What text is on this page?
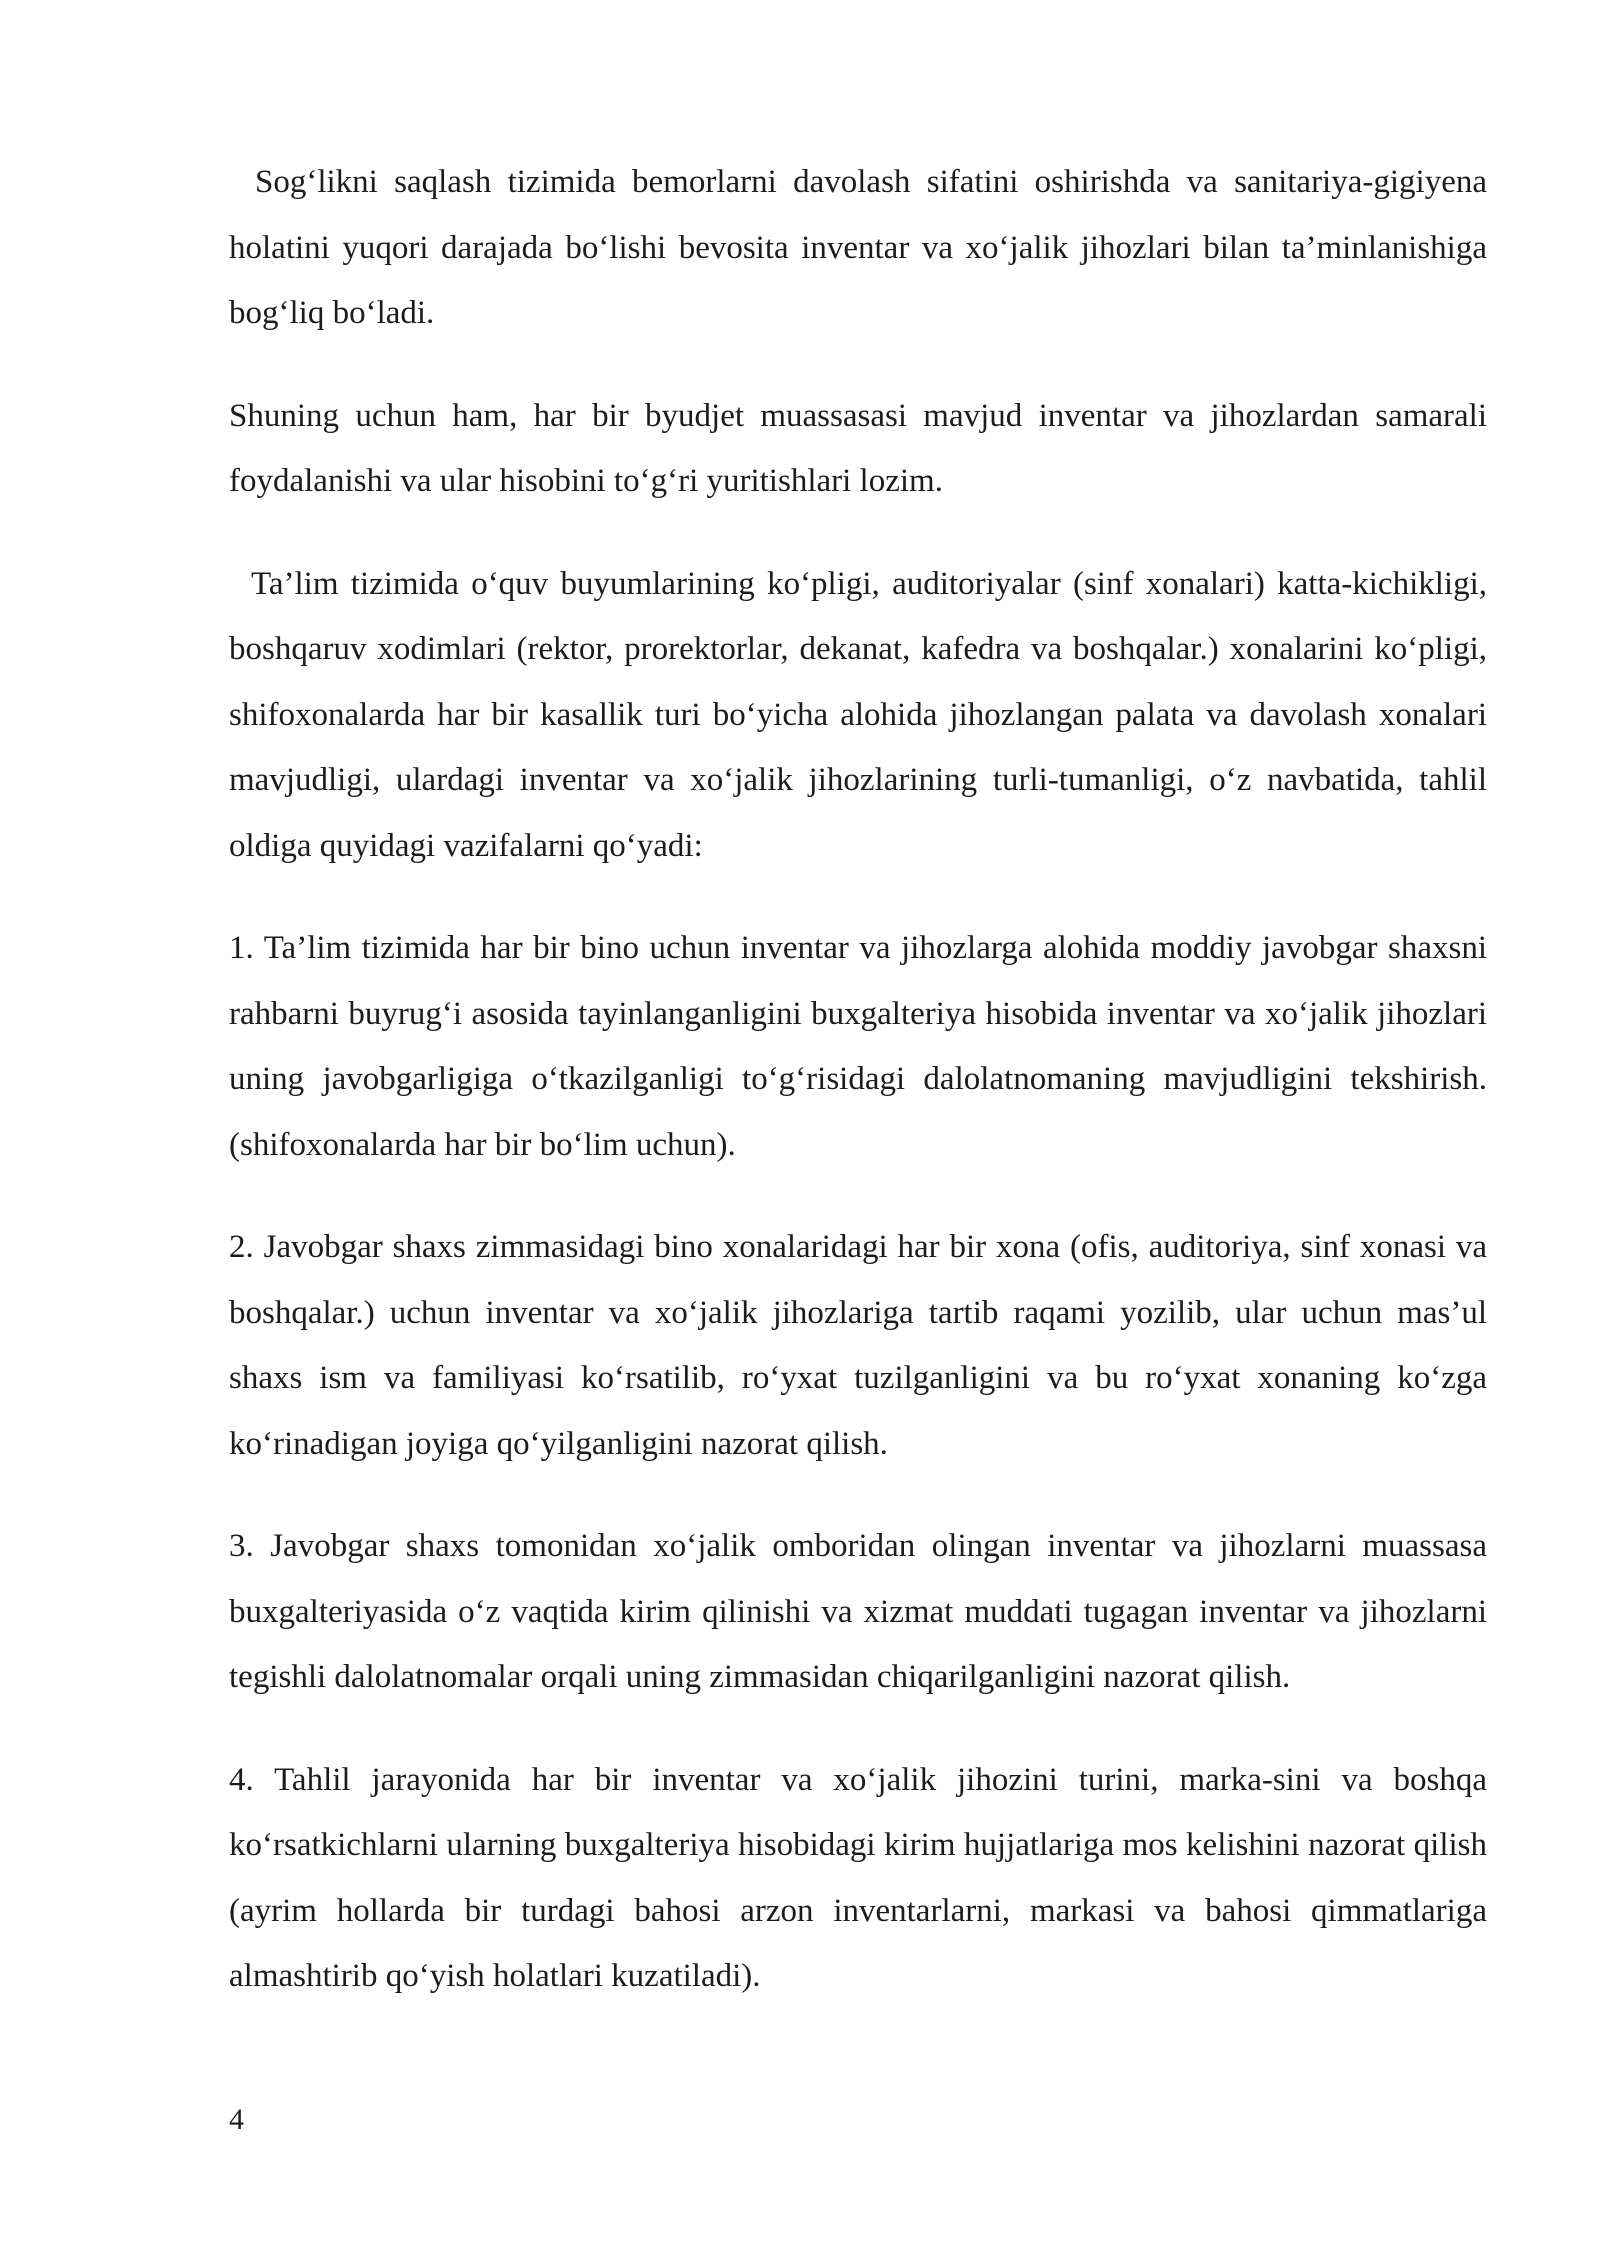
Sog‘likni saqlash tizimida bemorlarni davolash sifatini oshirishda va sanitariya-gigiyena holatini yuqori darajada bo‘lishi bevosita inventar va xo‘jalik jihozlari bilan ta’minlanishiga bog‘liq bo‘ladi.

Shuning uchun ham, har bir byudjet muassasasi mavjud inventar va jihozlardan samarali foydalanishi va ular hisobini to‘g‘ri yuritishlari lozim.

Ta’lim tizimida o‘quv buyumlarining ko‘pligi, auditoriyalar (sinf xonalari) katta-kichikligi, boshqaruv xodimlari (rektor, prorektorlar, dekanat, kafedra va boshqalar.) xonalarini ko‘pligi, shifoxonalarda har bir kasallik turi bo‘yicha alohida jihozlangan palata va davolash xonalari mavjudligi, ulardagi inventar va xo‘jalik jihozlarining turli-tumanligi, o‘z navbatida, tahlil oldiga quyidagi vazifalarni qo‘yadi:

1. Ta’lim tizimida har bir bino uchun inventar va jihozlarga alohida moddiy javobgar shaxsni rahbarni buyrug‘i asosida tayinlanganligini buxgalteriya hisobida inventar va xo‘jalik jihozlari uning javobgarligiga o‘tkazilganligi to‘g‘risidagi dalolatnomaning mavjudligini tekshirish. (shifoxonalarda har bir bo‘lim uchun).

2. Javobgar shaxs zimmasidagi bino xonalaridagi har bir xona (ofis, auditoriya, sinf xonasi va boshqalar.) uchun inventar va xo‘jalik jihozlariga tartib raqami yozilib, ular uchun mas’ul shaxs ism va familiyasi ko‘rsatilib, ro‘yxat tuzilganligini va bu ro‘yxat xonaning ko‘zga ko‘rinadigan joyiga qo‘yilganligini nazorat qilish.

3. Javobgar shaxs tomonidan xo‘jalik omboridan olingan inventar va jihozlarni muassasa buxgalteriyasida o‘z vaqtida kirim qilinishi va xizmat muddati tugagan inventar va jihozlarni tegishli dalolatnomalar orqali uning zimmasidan chiqarilganligini nazorat qilish.

4. Tahlil jarayonida har bir inventar va xo‘jalik jihozini turini, marka-sini va boshqa ko‘rsatkichlarni ularning buxgalteriya hisobidagi kirim hujjatlariga mos kelishini nazorat qilish (ayrim hollarda bir turdagi bahosi arzon inventarlarni, markasi va bahosi qimmatlariga almashtirib qo‘yish holatlari kuzatiladi).

4
